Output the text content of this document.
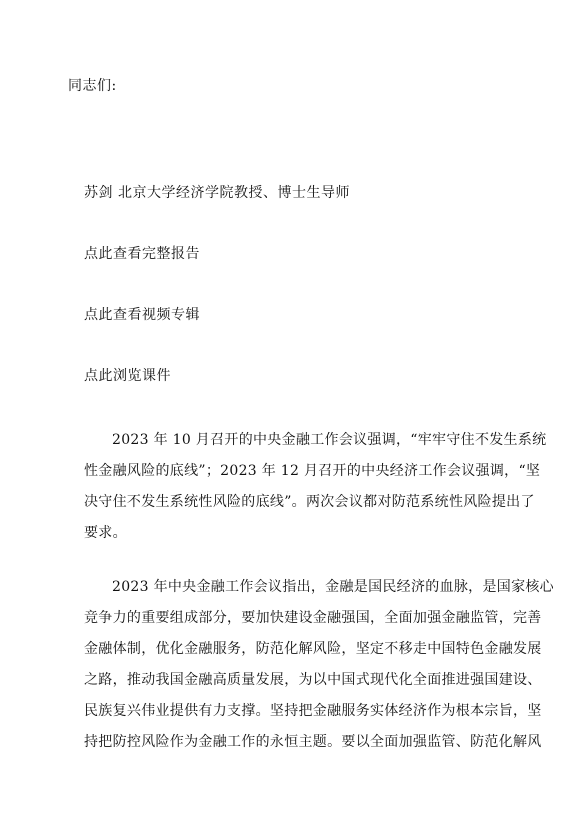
同志们:
苏剑 北京大学经济学院教授、博士生导师
点此查看完整报告
点此查看视频专辑
点此浏览课件
2023 年 10 月召开的中央金融工作会议强调，“牢牢守住不发生系统
性金融风险的底线”；2023 年 12 月召开的中央经济工作会议强调，“坚
决守住不发生系统性风险的底线”。两次会议都对防范系统性风险提出了
要求。
2023 年中央金融工作会议指出，金融是国民经济的血脉，是国家核心
竞争力的重要组成部分，要加快建设金融强国，全面加强金融监管，完善
金融体制，优化金融服务，防范化解风险，坚定不移走中国特色金融发展
之路，推动我国金融高质量发展，为以中国式现代化全面推进强国建设、
民族复兴伟业提供有力支撑。坚持把金融服务实体经济作为根本宗旨，坚
持把防控风险作为金融工作的永恒主题。要以全面加强监管、防范化解风
